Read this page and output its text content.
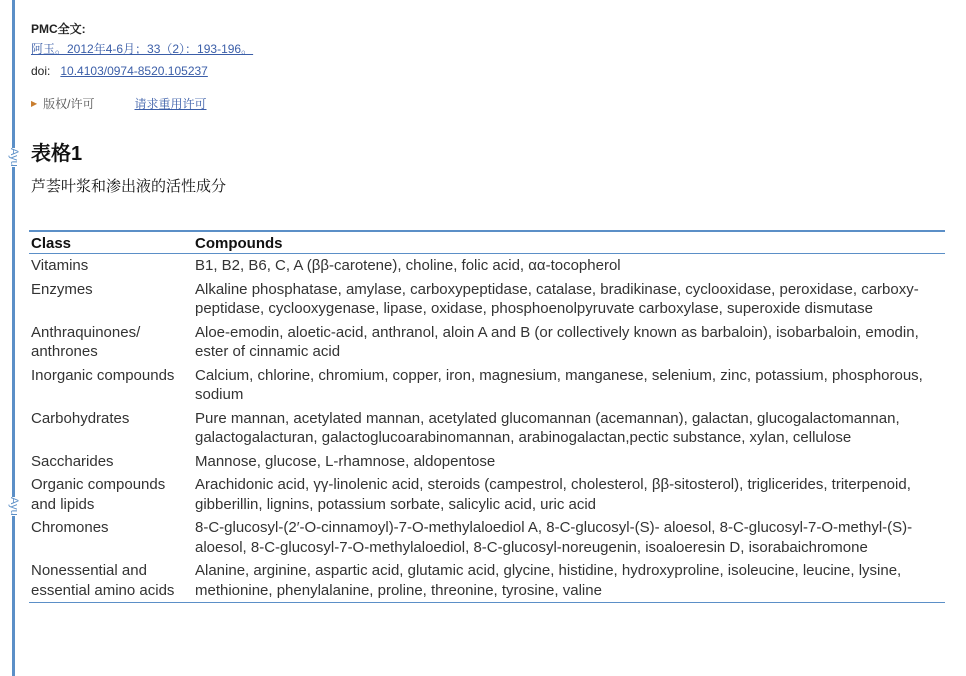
Ayu
Ayu
PMC全文:
阿玉。2012年4-6月；33（2）：193-196。
doi: 10.4103/0974-8520.105237
▶ 版权/许可	请求重用许可
表格1
芦荟叶浆和渗出液的活性成分
Class	Compounds
Vitamins	B1, B2, B6, C, A (ββ-carotene), choline, folic acid, αα-tocopherol
Enzymes	Alkaline phosphatase, amylase, carboxypeptidase, catalase, bradikinase, cyclooxidase, peroxidase, carboxy-peptidase, cyclooxygenase, lipase, oxidase, phosphoenolpyruvate carboxylase, superoxide dismutase
Anthraquinones/ anthrones	Aloe-emodin, aloetic-acid, anthranol, aloin A and B (or collectively known as barbaloin), isobarbaloin, emodin, ester of cinnamic acid
Inorganic compounds	Calcium, chlorine, chromium, copper, iron, magnesium, manganese, selenium, zinc, potassium, phosphorous, sodium
Carbohydrates	Pure mannan, acetylated mannan, acetylated glucomannan (acemannan), galactan, glucogalactomannan, galactogalacturan, galactoglucoarabinomannan, arabinogalactan,pectic substance, xylan, cellulose
Saccharides	Mannose, glucose, L-rhamnose, aldopentose
Organic compounds and lipids	Arachidonic acid, γγ-linolenic acid, steroids (campestrol, cholesterol, ββ-sitosterol), triglicerides, triterpenoid, gibberillin, lignins, potassium sorbate, salicylic acid, uric acid
Chromones	8-C-glucosyl-(2′-O-cinnamoyl)-7-O-methylaloediol A, 8-C-glucosyl-(S)- aloesol, 8-C-glucosyl-7-O-methyl-(S)-aloesol, 8-C-glucosyl-7-O-methylaloediol, 8-C-glucosyl-noreugenin, isoaloeresin D, isorabaichromone
Nonessential and essential amino acids	Alanine, arginine, aspartic acid, glutamic acid, glycine, histidine, hydroxyproline, isoleucine, leucine, lysine, methionine, phenylalanine, proline, threonine, tyrosine, valine
